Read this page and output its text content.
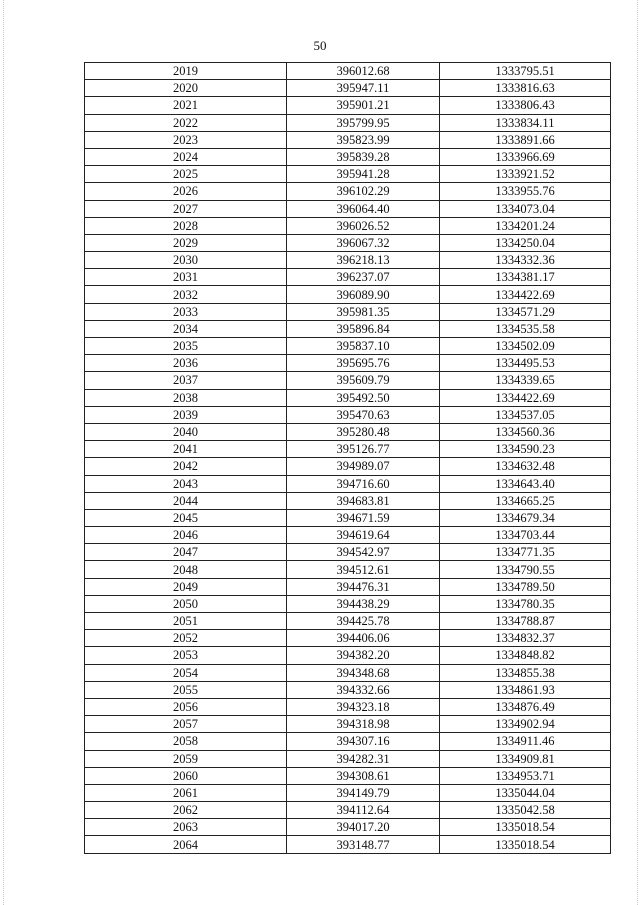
50
2019	396012.68	1333795.51
2020	395947.11	1333816.63
2021	395901.21	1333806.43
2022	395799.95	1333834.11
2023	395823.99	1333891.66
2024	395839.28	1333966.69
2025	395941.28	1333921.52
2026	396102.29	1333955.76
2027	396064.40	1334073.04
2028	396026.52	1334201.24
2029	396067.32	1334250.04
2030	396218.13	1334332.36
2031	396237.07	1334381.17
2032	396089.90	1334422.69
2033	395981.35	1334571.29
2034	395896.84	1334535.58
2035	395837.10	1334502.09
2036	395695.76	1334495.53
2037	395609.79	1334339.65
2038	395492.50	1334422.69
2039	395470.63	1334537.05
2040	395280.48	1334560.36
2041	395126.77	1334590.23
2042	394989.07	1334632.48
2043	394716.60	1334643.40
2044	394683.81	1334665.25
2045	394671.59	1334679.34
2046	394619.64	1334703.44
2047	394542.97	1334771.35
2048	394512.61	1334790.55
2049	394476.31	1334789.50
2050	394438.29	1334780.35
2051	394425.78	1334788.87
2052	394406.06	1334832.37
2053	394382.20	1334848.82
2054	394348.68	1334855.38
2055	394332.66	1334861.93
2056	394323.18	1334876.49
2057	394318.98	1334902.94
2058	394307.16	1334911.46
2059	394282.31	1334909.81
2060	394308.61	1334953.71
2061	394149.79	1335044.04
2062	394112.64	1335042.58
2063	394017.20	1335018.54
2064	393148.77	1335018.54
